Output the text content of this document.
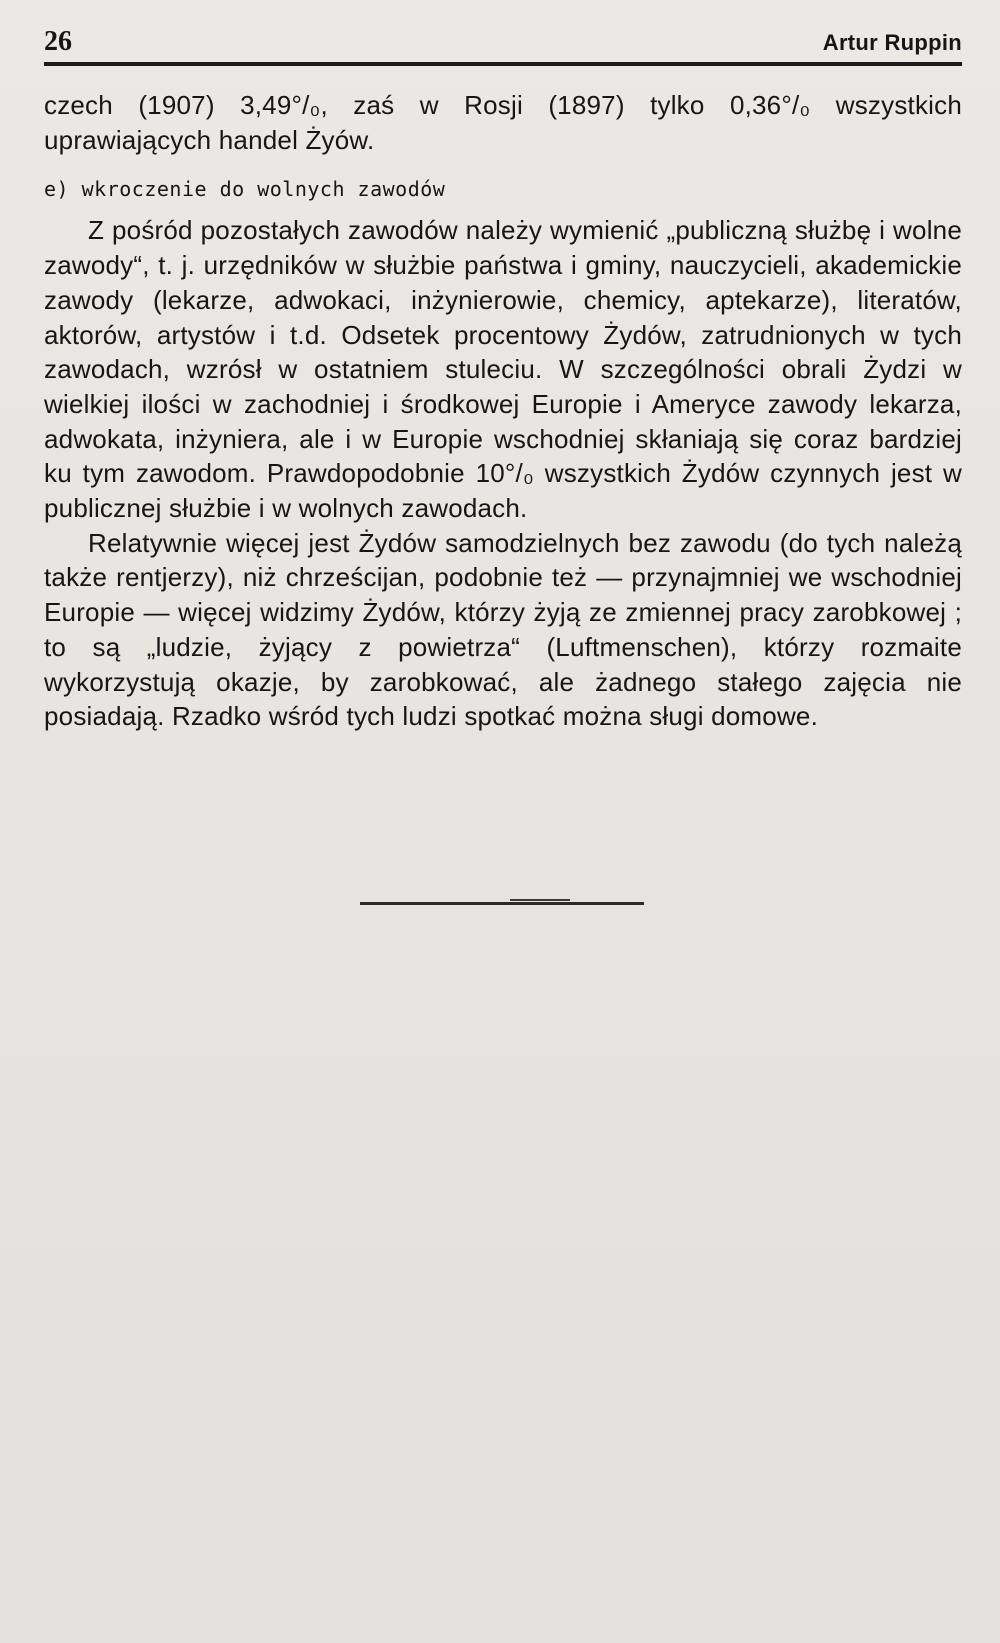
26	Artur Ruppin

czech (1907) 3,49°/₀, zaś w Rosji (1897) tylko 0,36°/₀ wszystkich uprawiających handel Żyów.

e) wkroczenie do wolnych zawodów

Z pośród pozostałych zawodów należy wymienić „publiczną służbę i wolne zawody“, t. j. urzędników w służbie państwa i gminy, nauczycieli, akademickie zawody (lekarze, adwokaci, inżynierowie, chemicy, aptekarze), literatów, aktorów, artystów i t.d. Odsetek procentowy Żydów, zatrudnionych w tych zawodach, wzrósł w ostatniem stuleciu. W szczególności obrali Żydzi w wielkiej ilości w zachodniej i środkowej Europie i Ameryce zawody lekarza, adwokata, inżyniera, ale i w Europie wschodniej skłaniają się coraz bardziej ku tym zawodom. Prawdopodobnie 10°/₀ wszystkich Żydów czynnych jest w publicznej służbie i w wolnych zawodach.

Relatywnie więcej jest Żydów samodzielnych bez zawodu (do tych należą także rentjerzy), niż chrześcijan, podobnie też — przynajmniej we wschodniej Europie — więcej widzimy Żydów, którzy żyją ze zmiennej pracy zarobkowej ; to są „ludzie, żyjący z powietrza“ (Luftmenschen), którzy rozmaite wykorzystują okazje, by zarobkować, ale żadnego stałego zajęcia nie posiadają. Rzadko wśród tych ludzi spotkać można sługi domowe.
